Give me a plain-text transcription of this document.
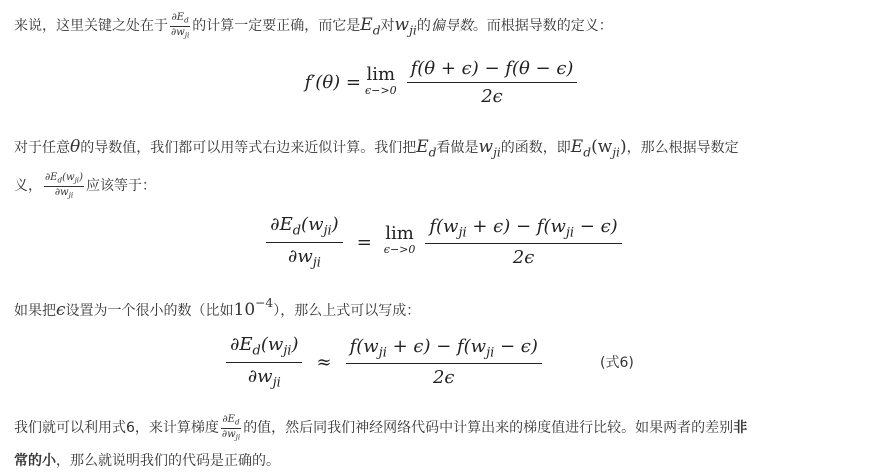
来说，这里关键之处在于 $\frac{\partial E_d}{\partial w_{ji}}$ 的计算一定要正确，而它是$E_d$对$w_{ji}$的偏导数。而根据导数的定义：
f′(θ) = lim
$\epsilon->0 \frac{f(\theta + \epsilon) - f(\theta - \epsilon)}{2\epsilon}$
对于任意θ的导数值，我们都可以用等式右边来近似计算。我们把$E_d$看做是$w_{ji}$的函数，即$E_d(w_{ji})$，那么根据导数定
义， $\frac{\partial E_d(w_{ji})}{\partial w_{ji}}$ 应该等于：
$\frac{\partial E_d(w_{ji})}{\partial w_{ji}} = \lim$
$\epsilon->0 \frac{f(w_{ji} + \epsilon) - f(w_{ji} - \epsilon)}{2\epsilon}$
如果把ϵ设置为一个很小的数（比如$10^{-4}$），那么上式可以写成：
$\frac{\partial E_d(w_{ji})}{\partial w_{ji}} \approx \frac{f(w_{ji} + \epsilon) - f(w_{ji} - \epsilon)}{2\epsilon}$	(式6)
我们就可以利用式6，来计算梯度 $\frac{\partial E_d}{\partial w_{ji}}$ 的值，然后同我们神经网络代码中计算出来的梯度值进行比较。如果两者的差别非
常的小，那么就说明我们的代码是正确的。
